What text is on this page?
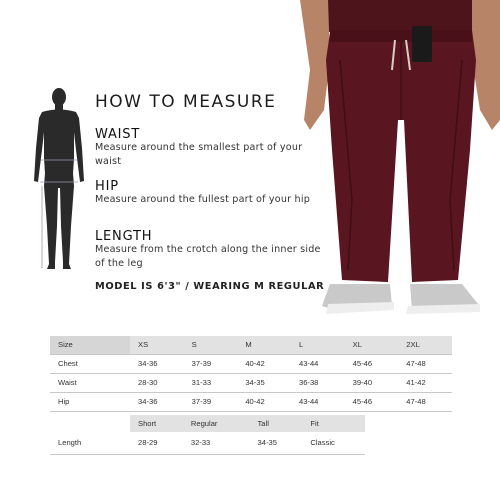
HOW TO MEASURE
WAIST
Measure around the smallest part of your waist
HIP
Measure around the fullest part of your hip
LENGTH
Measure from the crotch along the inner side of the leg
MODEL IS 6'3" / WEARING M REGULAR
Size	XS	S	M	L	XL	2XL
Chest	34-36	37-39	40-42	43-44	45-46	47-48
Waist	28-30	31-33	34-35	36-38	39-40	41-42
Hip	34-36	37-39	40-42	43-44	45-46	47-48
	Short	Regular	Tall	Fit
Length	28-29	32-33	34-35	Classic
